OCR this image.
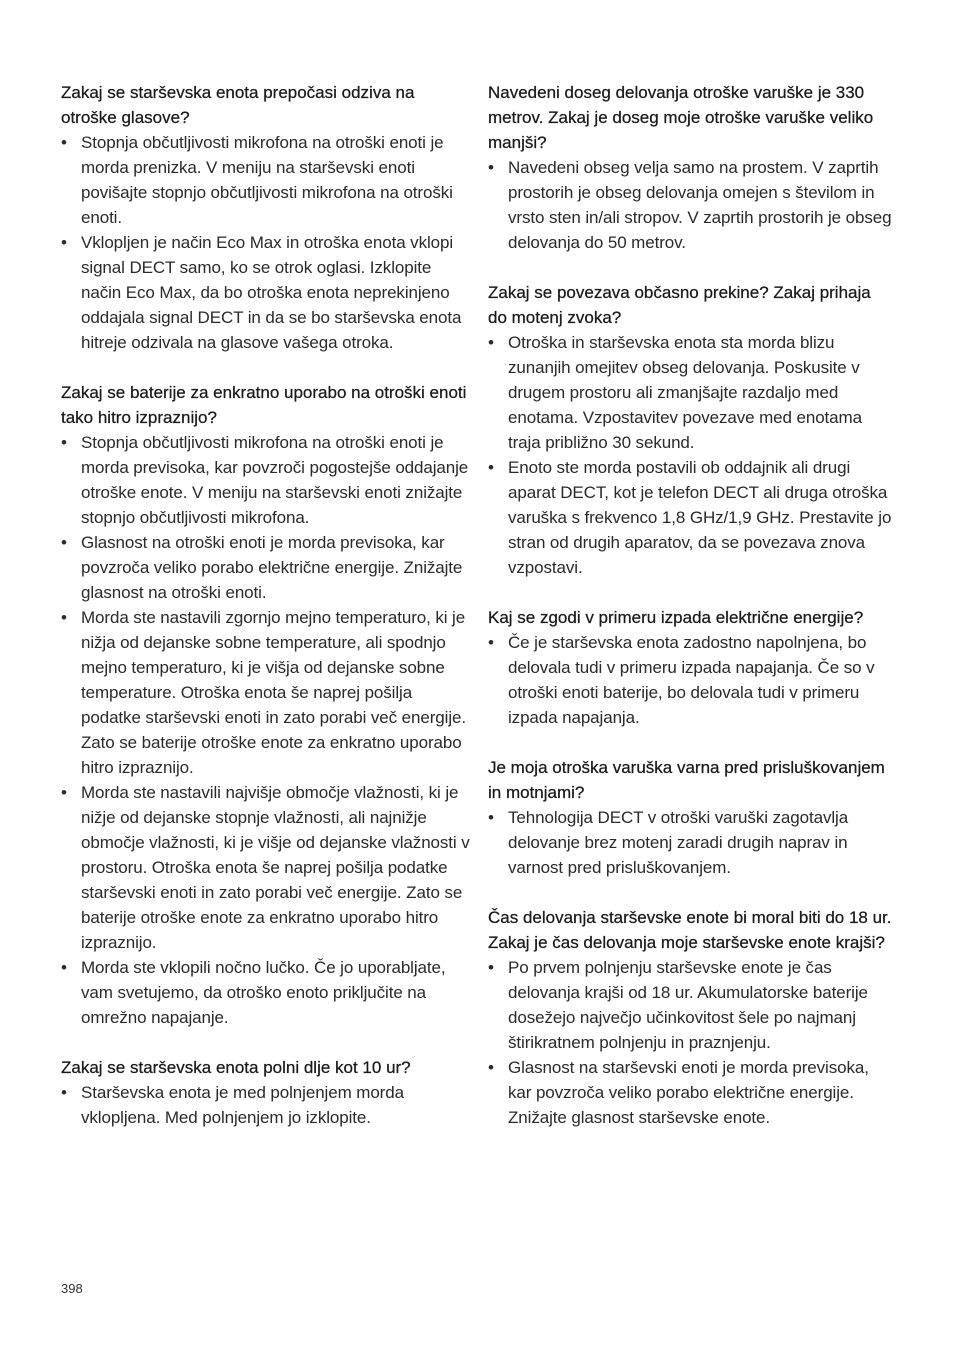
Zakaj se starševska enota prepočasi odziva na otroške glasove?
• Stopnja občutljivosti mikrofona na otroški enoti je morda prenizka. V meniju na starševski enoti povišajte stopnjo občutljivosti mikrofona na otroški enoti.
• Vklopljen je način Eco Max in otroška enota vklopi signal DECT samo, ko se otrok oglasi. Izklopite način Eco Max, da bo otroška enota neprekinjeno oddajala signal DECT in da se bo starševska enota hitreje odzivala na glasove vašega otroka.
Zakaj se baterije za enkratno uporabo na otroški enoti tako hitro izpraznijo?
• Stopnja občutljivosti mikrofona na otroški enoti je morda previsoka, kar povzroči pogostejše oddajanje otroške enote. V meniju na starševski enoti znižajte stopnjo občutljivosti mikrofona.
• Glasnost na otroški enoti je morda previsoka, kar povzroča veliko porabo električne energije. Znižajte glasnost na otroški enoti.
• Morda ste nastavili zgornjo mejno temperaturo, ki je nižja od dejanske sobne temperature, ali spodnjo mejno temperaturo, ki je višja od dejanske sobne temperature. Otroška enota še naprej pošilja podatke starševski enoti in zato porabi več energije. Zato se baterije otroške enote za enkratno uporabo hitro izpraznijo.
• Morda ste nastavili najvišje območje vlažnosti, ki je nižje od dejanske stopnje vlažnosti, ali najnižje območje vlažnosti, ki je višje od dejanske vlažnosti v prostoru. Otroška enota še naprej pošilja podatke starševski enoti in zato porabi več energije. Zato se baterije otroške enote za enkratno uporabo hitro izpraznijo.
• Morda ste vklopili nočno lučko. Če jo uporabljate, vam svetujemo, da otroško enoto priključite na omrežno napajanje.
Zakaj se starševska enota polni dlje kot 10 ur?
• Starševska enota je med polnjenjem morda vklopljena. Med polnjenjem jo izklopite.
Navedeni doseg delovanja otroške varuške je 330 metrov. Zakaj je doseg moje otroške varuške veliko manjši?
• Navedeni obseg velja samo na prostem. V zaprtih prostorih je obseg delovanja omejen s številom in vrsto sten in/ali stropov. V zaprtih prostorih je obseg delovanja do 50 metrov.
Zakaj se povezava občasno prekine? Zakaj prihaja do motenj zvoka?
• Otroška in starševska enota sta morda blizu zunanjih omejitev obseg delovanja. Poskusite v drugem prostoru ali zmanjšajte razdaljo med enotama. Vzpostavitev povezave med enotama traja približno 30 sekund.
• Enoto ste morda postavili ob oddajnik ali drugi aparat DECT, kot je telefon DECT ali druga otroška varuška s frekvenco 1,8 GHz/1,9 GHz. Prestavite jo stran od drugih aparatov, da se povezava znova vzpostavi.
Kaj se zgodi v primeru izpada električne energije?
• Če je starševska enota zadostno napolnjena, bo delovala tudi v primeru izpada napajanja. Če so v otroški enoti baterije, bo delovala tudi v primeru izpada napajanja.
Je moja otroška varuška varna pred prisluškovanjem in motnjami?
• Tehnologija DECT v otroški varuški zagotavlja delovanje brez motenj zaradi drugih naprav in varnost pred prisluškovanjem.
Čas delovanja starševske enote bi moral biti do 18 ur. Zakaj je čas delovanja moje starševske enote krajši?
• Po prvem polnjenju starševske enote je čas delovanja krajši od 18 ur. Akumulatorske baterije dosežejo največjo učinkovitost šele po najmanj štirikratnem polnjenju in praznjenju.
• Glasnost na starševski enoti je morda previsoka, kar povzroča veliko porabo električne energije. Znižajte glasnost starševske enote.
398
